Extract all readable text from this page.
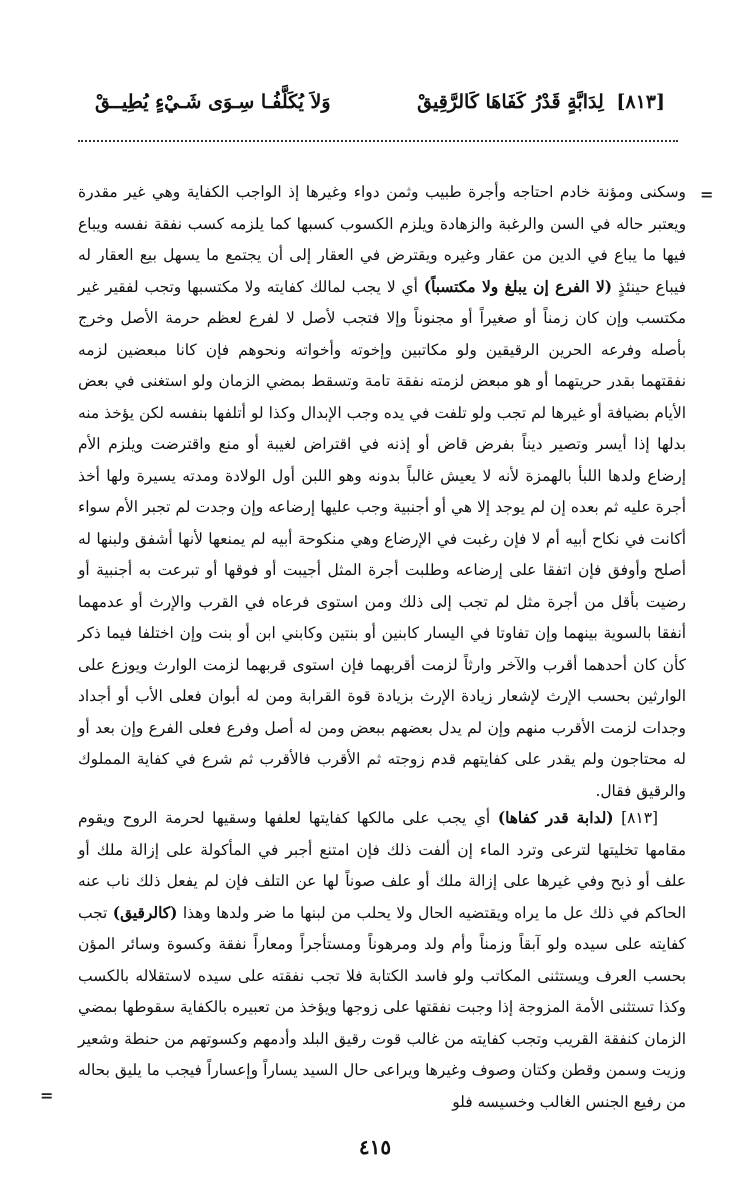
[٨١٣] لِدَابَّةٍ قَدْرُ كَفَاهَا كَالرَّقِيقْ
وَلاَ يُكَلَّفُـا سِـوَى شَـيْءٍ يُطِيــقْ
=

وسكنى ومؤنة خادم احتاجه وأجرة طبيب وثمن دواء وغيرها إذ الواجب الكفاية وهي غير مقدرة ويعتبر حاله في السن والرغبة والزهادة ويلزم الكسوب كسبها كما يلزمه كسب نفقة نفسه ويباع فيها ما يباع في الدين من عقار وغيره ويقترض في العقار إلى أن يجتمع ما يسهل بيع العقار له فيباع حينئذٍ (لا الفرع إن يبلغ ولا مكتسباً) أي لا يجب لمالك كفايته ولا مكتسبها وتجب لفقير غير مكتسب وإن كان زمناً أو صغيراً أو مجنوناً وإلا فتجب لأصل لا لفرع لعظم حرمة الأصل وخرج بأصله وفرعه الحرين الرقيقين ولو مكاتبين وإخوته وأخواته ونحوهم فإن كانا مبعضين لزمه نفقتهما بقدر حريتهما أو هو مبعض لزمته نفقة تامة وتسقط بمضي الزمان ولو استغنى في بعض الأيام بضيافة أو غيرها لم تجب ولو تلفت في يده وجب الإبدال وكذا لو أتلفها بنفسه لكن يؤخذ منه بدلها إذا أيسر وتصير ديناً بفرض قاض أو إذنه في اقتراض لغيبة أو منع واقترضت ويلزم الأم إرضاع ولدها اللبأ بالهمزة لأنه لا يعيش غالباً بدونه وهو اللبن أول الولادة ومدته يسيرة ولها أخذ أجرة عليه ثم بعده إن لم يوجد إلا هي أو أجنبية وجب عليها إرضاعه وإن وجدت لم تجبر الأم سواء أكانت في نكاح أبيه أم لا فإن رغبت في الإرضاع وهي منكوحة أبيه لم يمنعها لأنها أشفق ولبنها له أصلح وأوفق فإن اتفقا على إرضاعه وطلبت أجرة المثل أجيبت أو فوقها أو تبرعت به أجنبية أو رضيت بأقل من أجرة مثل لم تجب إلى ذلك ومن استوى فرعاه في القرب والإرث أو عدمهما أنفقا بالسوية بينهما وإن تفاوتا في اليسار كابنين أو بنتين وكابني ابن أو بنت وإن اختلفا فيما ذكر كأن كان أحدهما أقرب والآخر وارثاً لزمت أقربهما فإن استوى قربهما لزمت الوارث ويوزع على الوارثين بحسب الإرث لإشعار زيادة الإرث بزيادة قوة القرابة ومن له أبوان فعلى الأب أو أجداد وجدات لزمت الأقرب منهم وإن لم يدل بعضهم ببعض ومن له أصل وفرع فعلى الفرع وإن بعد أو له محتاجون ولم يقدر على كفايتهم قدم زوجته ثم الأقرب فالأقرب ثم شرع في كفاية المملوك والرقيق فقال.

[٨١٣] (لدابة قدر كفاها) أي يجب على مالكها كفايتها لعلفها وسقيها لحرمة الروح ويقوم مقامها تخليتها لترعى وترد الماء إن ألفت ذلك فإن امتنع أجبر في المأكولة على إزالة ملك أو علف أو ذبح وفي غيرها على إزالة ملك أو علف صوناً لها عن التلف فإن لم يفعل ذلك ناب عنه الحاكم في ذلك عل ما يراه ويقتضيه الحال ولا يحلب من لبنها ما ضر ولدها وهذا (كالرقيق) تجب كفايته على سيده ولو آبقاً وزمناً وأم ولد ومرهوناً ومستأجراً ومعاراً نفقة وكسوة وسائر المؤن بحسب العرف ويستثنى المكاتب ولو فاسد الكتابة فلا تجب نفقته على سيده لاستقلاله بالكسب وكذا تستثنى الأمة المزوجة إذا وجبت نفقتها على زوجها ويؤخذ من تعبيره بالكفاية سقوطها بمضي الزمان كنفقة القريب وتجب كفايته من غالب قوت رقيق البلد وأدمهم وكسوتهم من حنطة وشعير وزيت وسمن وقطن وكتان وصوف وغيرها ويراعى حال السيد يساراً وإعساراً فيجب ما يليق بحاله من رفيع الجنس الغالب وخسيسه فلو

=
٤١٥
